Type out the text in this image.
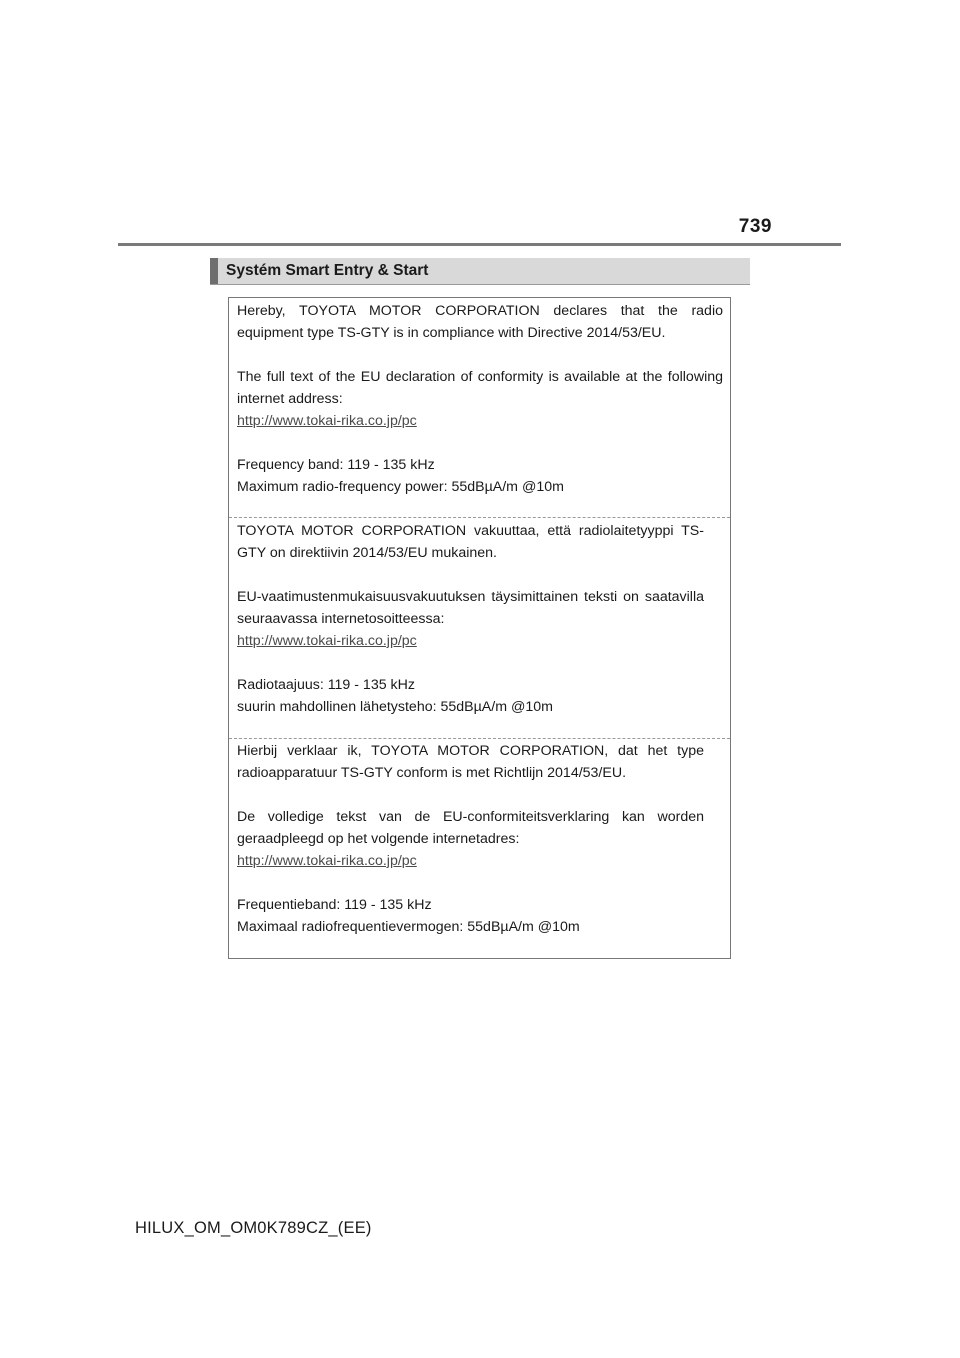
739
Systém Smart Entry & Start

Hereby, TOYOTA MOTOR CORPORATION declares that the radio equipment type TS-GTY is in compliance with Directive 2014/53/EU.

The full text of the EU declaration of conformity is available at the following internet address:

http://www.tokai-rika.co.jp/pc
Frequency band: 119 - 135 kHz
Maximum radio-frequency power: 55dBµA/m @10m

TOYOTA MOTOR CORPORATION vakuuttaa, että radiolaitetyyppi TS-GTY on direktiivin 2014/53/EU mukainen.

EU-vaatimustenmukaisuusvakuutuksen täysimittainen teksti on saatavilla seuraavassa internetosoitteessa:

http://www.tokai-rika.co.jp/pc
Radiotaajuus: 119 - 135 kHz
suurin mahdollinen lähetysteho: 55dBµA/m @10m

Hierbij verklaar ik, TOYOTA MOTOR CORPORATION, dat het type radioapparatuur TS-GTY conform is met Richtlijn 2014/53/EU.

De volledige tekst van de EU-conformiteitsverklaring kan worden geraadpleegd op het volgende internetadres:

http://www.tokai-rika.co.jp/pc
Frequentieband: 119 - 135 kHz
Maximaal radiofrequentievermogen: 55dBµA/m @10m
HILUX_OM_OM0K789CZ_(EE)
